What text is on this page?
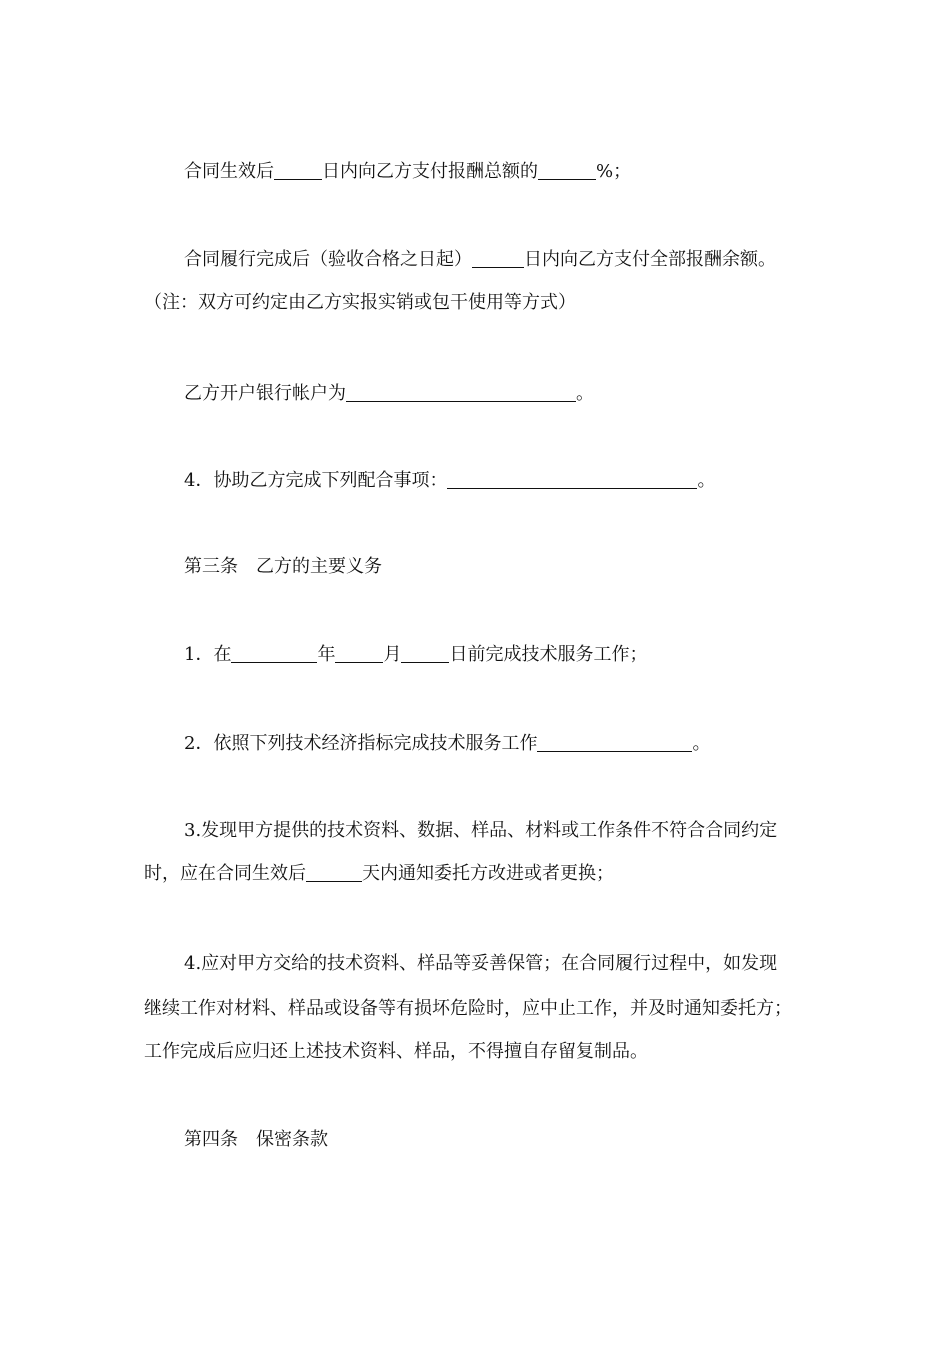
合同生效后	日内向乙方支付报酬总额的	%；
合同履行完成后（验收合格之日起）	日内向乙方支付全部报酬余额。
（注：双方可约定由乙方实报实销或包干使用等方式）
乙方开户银行帐户为	。
4．协助乙方完成下列配合事项：	。
第三条　乙方的主要义务
1．在	年	月	日前完成技术服务工作；
2．依照下列技术经济指标完成技术服务工作	。
3.发现甲方提供的技术资料、数据、样品、材料或工作条件不符合合同约定
时，应在合同生效后	天内通知委托方改进或者更换；
4.应对甲方交给的技术资料、样品等妥善保管；在合同履行过程中，如发现
继续工作对材料、样品或设备等有损坏危险时，应中止工作，并及时通知委托方；
工作完成后应归还上述技术资料、样品，不得擅自存留复制品。
第四条　保密条款
